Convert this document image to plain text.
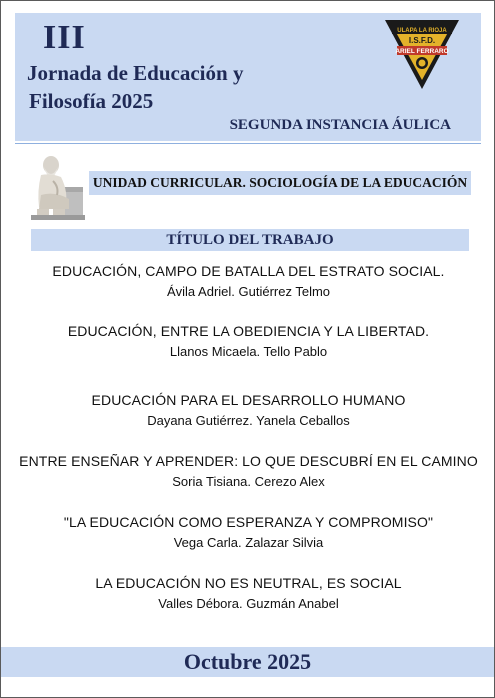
III
Jornada de Educación y
Filosofía 2025
SEGUNDA INSTANCIA ÁULICA
ULAPA LA RIOJA
I.S.F.D.
ARIEL FERRARO
UNIDAD CURRICULAR. SOCIOLOGÍA DE LA EDUCACIÓN
TÍTULO DEL TRABAJO
EDUCACIÓN, CAMPO DE BATALLA DEL ESTRATO SOCIAL.
Ávila Adriel. Gutiérrez Telmo
EDUCACIÓN, ENTRE LA OBEDIENCIA Y LA LIBERTAD.
Llanos Micaela. Tello Pablo
EDUCACIÓN PARA EL DESARROLLO HUMANO
Dayana Gutiérrez. Yanela Ceballos
ENTRE ENSEÑAR Y APRENDER: LO QUE DESCUBRÍ EN EL CAMINO
Soria Tisiana. Cerezo Alex
"LA EDUCACIÓN COMO ESPERANZA Y COMPROMISO"
Vega Carla. Zalazar Silvia
LA EDUCACIÓN NO ES NEUTRAL, ES SOCIAL
Valles Débora. Guzmán Anabel
Octubre 2025
